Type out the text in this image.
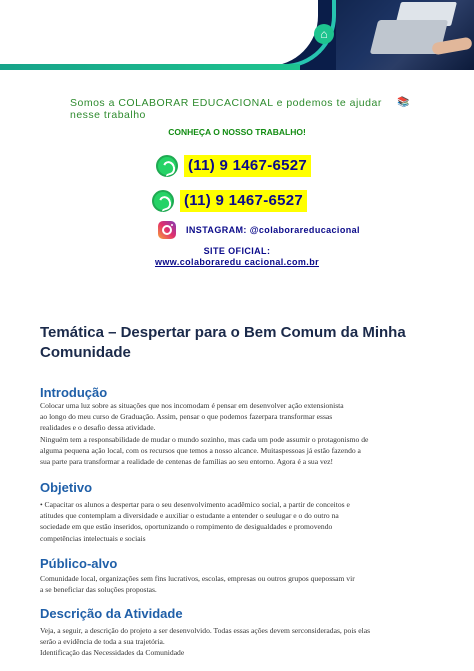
⌂
Somos a COLABORAR EDUCACIONAL e podemos te ajudar nesse trabalho
📚
CONHEÇA O NOSSO TRABALHO!
(11) 9 1467-6527
(11) 9 1467-6527
INSTAGRAM: @colaborareducacional
SITE OFICIAL:
www.colaboraredu cacional.com.br
Temática – Despertar para o Bem Comum da Minha Comunidade
Introdução
Colocar uma luz sobre as situações que nos incomodam é pensar em desenvolver ação extensionista
ao longo do meu curso de Graduação. Assim, pensar o que podemos fazerpara transformar essas
realidades e o desafio dessa atividade.
Ninguém tem a responsabilidade de mudar o mundo sozinho, mas cada um pode assumir o protagonismo de
alguma pequena ação local, com os recursos que temos a nosso alcance. Muitaspessoas já estão fazendo a
sua parte para transformar a realidade de centenas de famílias ao seu entorno. Agora é a sua vez!
Objetivo
• Capacitar os alunos a despertar para o seu desenvolvimento acadêmico social, a partir de conceitos e
atitudes que contemplam a diversidade e auxiliar o estudante a entender o seulugar e o do outro na
sociedade em que estão inseridos, oportunizando o rompimento de desigualdades e promovendo
competências intelectuais e sociais
Público-alvo
Comunidade local, organizações sem fins lucrativos, escolas, empresas ou outros grupos quepossam vir
a se beneficiar das soluções propostas.
Descrição da Atividade
Veja, a seguir, a descrição do projeto a ser desenvolvido. Todas essas ações devem serconsideradas, pois elas
serão a evidência de toda a sua trajetória.
Identificação das Necessidades da Comunidade
